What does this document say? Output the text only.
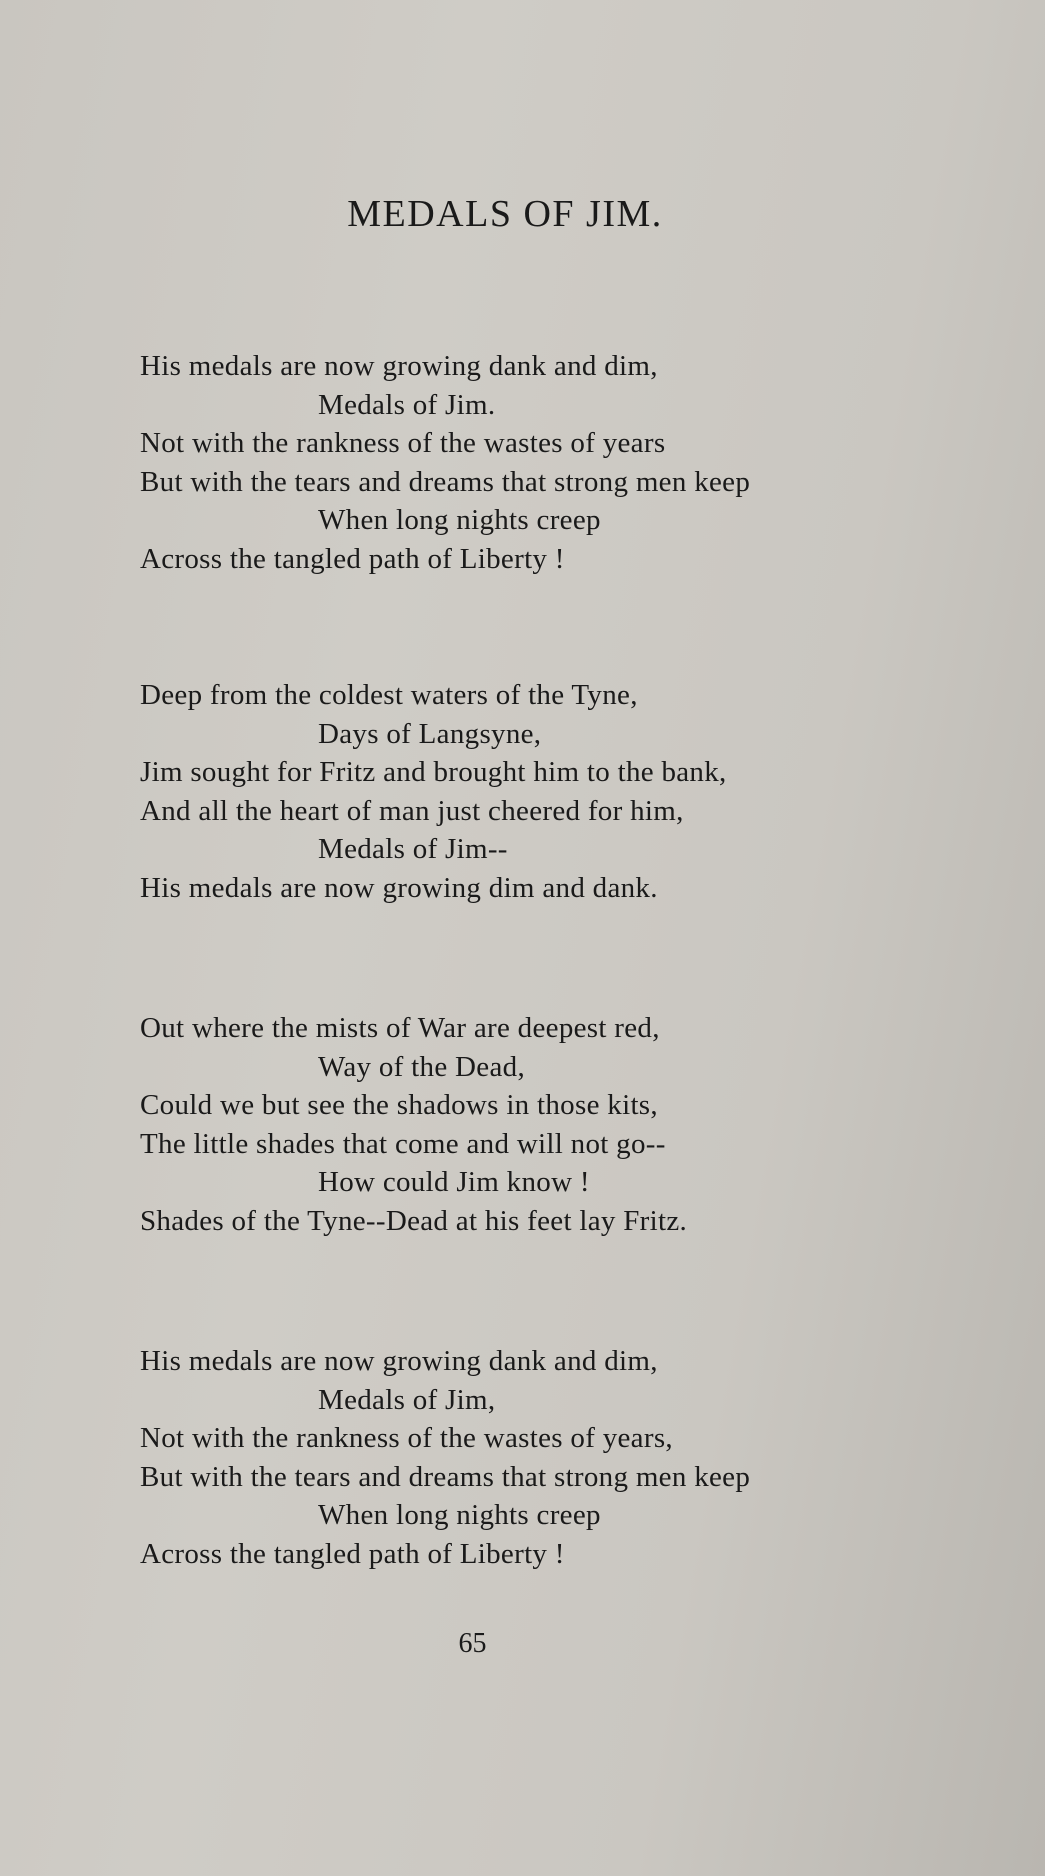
MEDALS OF JIM.
His medals are now growing dank and dim,
Medals of Jim.
Not with the rankness of the wastes of years
But with the tears and dreams that strong men keep
When long nights creep
Across the tangled path of Liberty !
Deep from the coldest waters of the Tyne,
Days of Langsyne,
Jim sought for Fritz and brought him to the bank,
And all the heart of man just cheered for him,
Medals of Jim--
His medals are now growing dim and dank.
Out where the mists of War are deepest red,
Way of the Dead,
Could we but see the shadows in those kits,
The little shades that come and will not go--
How could Jim know !
Shades of the Tyne--Dead at his feet lay Fritz.
His medals are now growing dank and dim,
Medals of Jim,
Not with the rankness of the wastes of years,
But with the tears and dreams that strong men keep
When long nights creep
Across the tangled path of Liberty !
65
